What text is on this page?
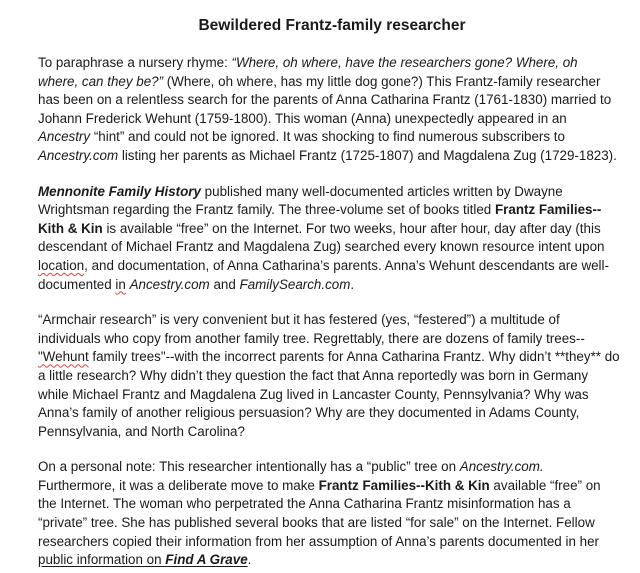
Bewildered Frantz-family researcher

To paraphrase a nursery rhyme: “Where, oh where, have the researchers gone? Where, oh where, can they be?” (Where, oh where, has my little dog gone?) This Frantz-family researcher has been on a relentless search for the parents of Anna Catharina Frantz (1761-1830) married to Johann Frederick Wehunt (1759-1800). This woman (Anna) unexpectedly appeared in an Ancestry “hint” and could not be ignored. It was shocking to find numerous subscribers to Ancestry.com listing her parents as Michael Frantz (1725-1807) and Magdalena Zug (1729-1823).

Mennonite Family History published many well-documented articles written by Dwayne Wrightsman regarding the Frantz family. The three-volume set of books titled Frantz Families--Kith & Kin is available “free” on the Internet. For two weeks, hour after hour, day after day (this descendant of Michael Frantz and Magdalena Zug) searched every known resource intent upon location, and documentation, of Anna Catharina’s parents. Anna’s Wehunt descendants are well-documented in Ancestry.com and FamilySearch.com.

“Armchair research” is very convenient but it has festered (yes, “festered”) a multitude of individuals who copy from another family tree. Regrettably, there are dozens of family trees--"Wehunt family trees"--with the incorrect parents for Anna Catharina Frantz. Why didn’t **they** do a little research? Why didn’t they question the fact that Anna reportedly was born in Germany while Michael Frantz and Magdalena Zug lived in Lancaster County, Pennsylvania? Why was Anna’s family of another religious persuasion? Why are they documented in Adams County, Pennsylvania, and North Carolina?

On a personal note: This researcher intentionally has a “public” tree on Ancestry.com. Furthermore, it was a deliberate move to make Frantz Families--Kith & Kin available “free” on the Internet. The woman who perpetrated the Anna Catharina Frantz misinformation has a “private” tree. She has published several books that are listed “for sale” on the Internet. Fellow researchers copied their information from her assumption of Anna’s parents documented in her public information on Find A Grave.
